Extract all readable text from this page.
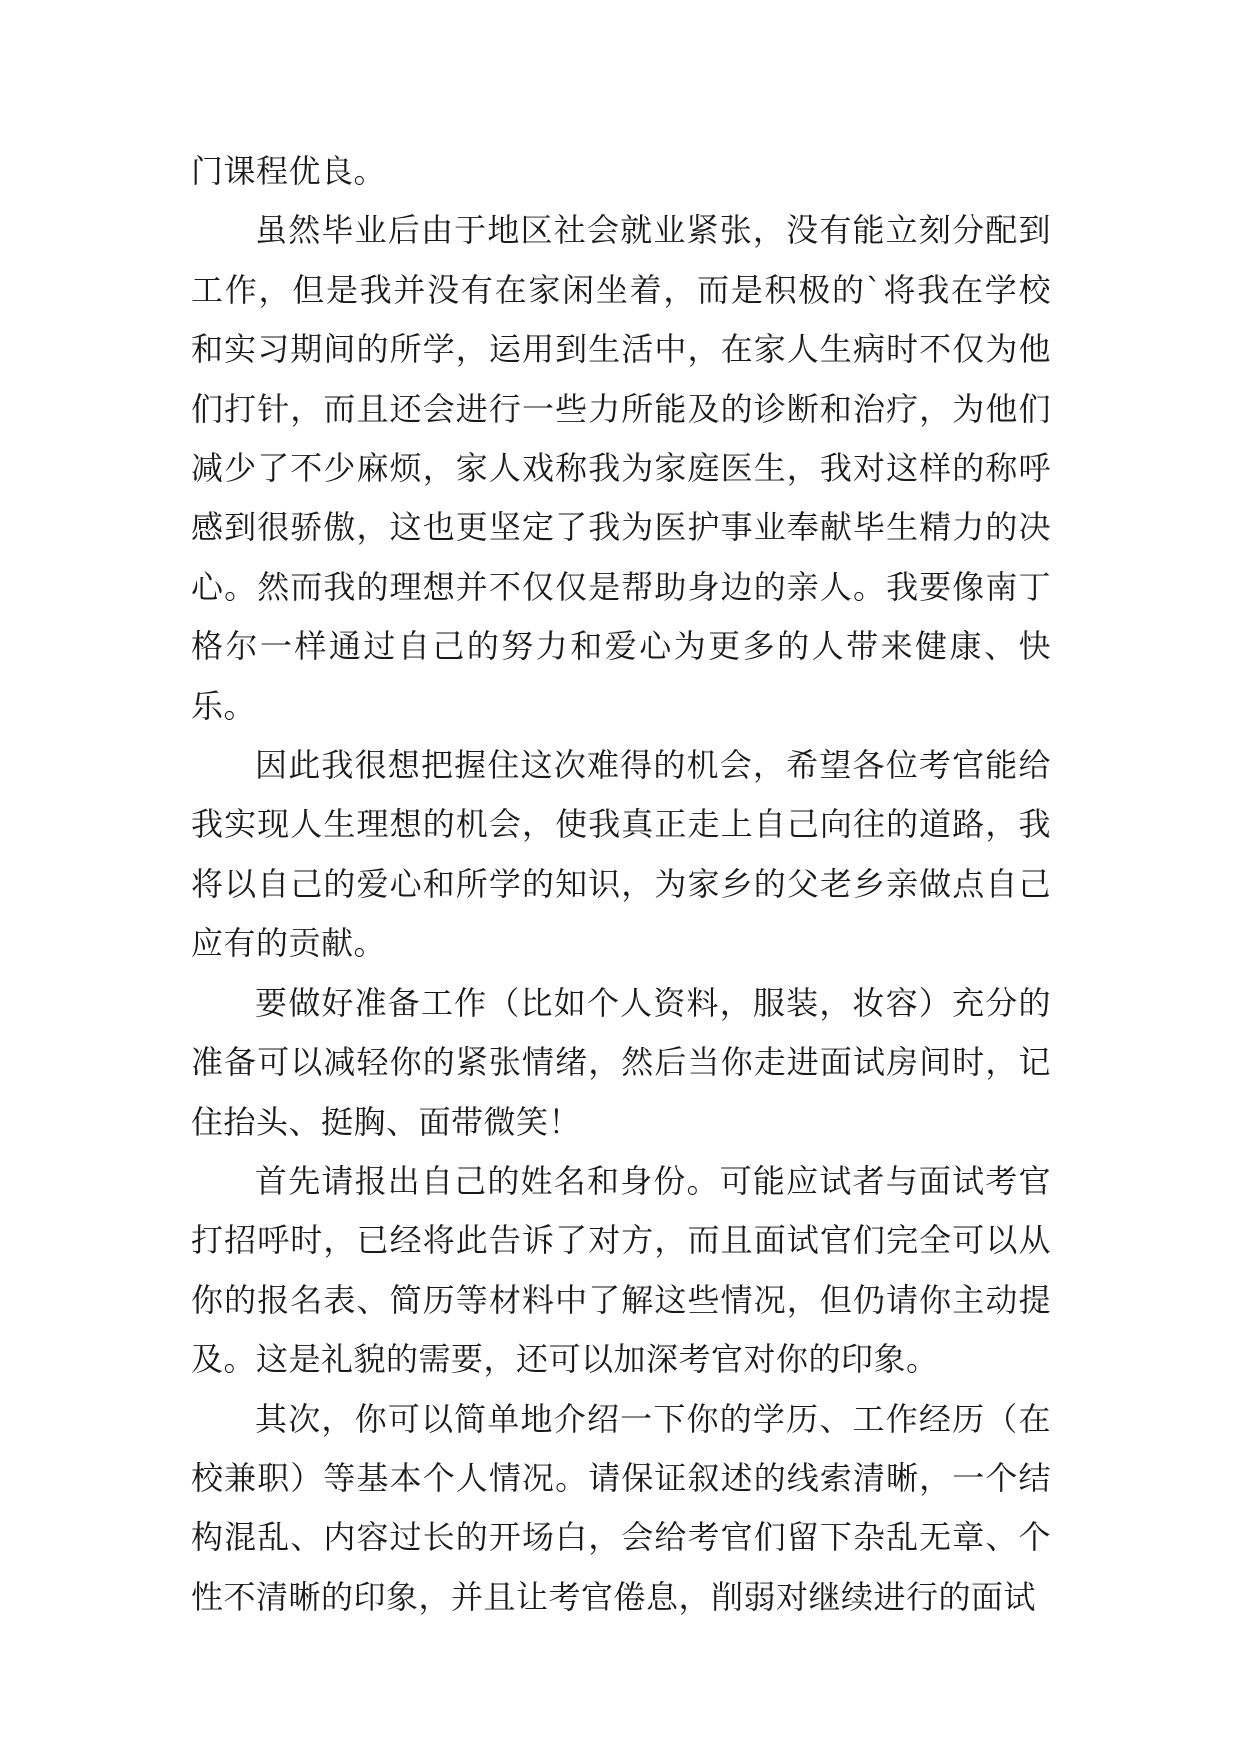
门课程优良。

虽然毕业后由于地区社会就业紧张，没有能立刻分配到工作，但是我并没有在家闲坐着，而是积极的`将我在学校和实习期间的所学，运用到生活中，在家人生病时不仅为他们打针，而且还会进行一些力所能及的诊断和治疗，为他们减少了不少麻烦，家人戏称我为家庭医生，我对这样的称呼感到很骄傲，这也更坚定了我为医护事业奉献毕生精力的决心。然而我的理想并不仅仅是帮助身边的亲人。我要像南丁格尔一样通过自己的努力和爱心为更多的人带来健康、快乐。

因此我很想把握住这次难得的机会，希望各位考官能给我实现人生理想的机会，使我真正走上自己向往的道路，我将以自己的爱心和所学的知识，为家乡的父老乡亲做点自己应有的贡献。

要做好准备工作（比如个人资料，服装，妆容）充分的准备可以减轻你的紧张情绪，然后当你走进面试房间时，记住抬头、挺胸、面带微笑！

首先请报出自己的姓名和身份。可能应试者与面试考官打招呼时，已经将此告诉了对方，而且面试官们完全可以从你的报名表、简历等材料中了解这些情况，但仍请你主动提及。这是礼貌的需要，还可以加深考官对你的印象。

其次，你可以简单地介绍一下你的学历、工作经历（在校兼职）等基本个人情况。请保证叙述的线索清晰，一个结构混乱、内容过长的开场白，会给考官们留下杂乱无章、个性不清晰的印象，并且让考官倦息，削弱对继续进行的面试
